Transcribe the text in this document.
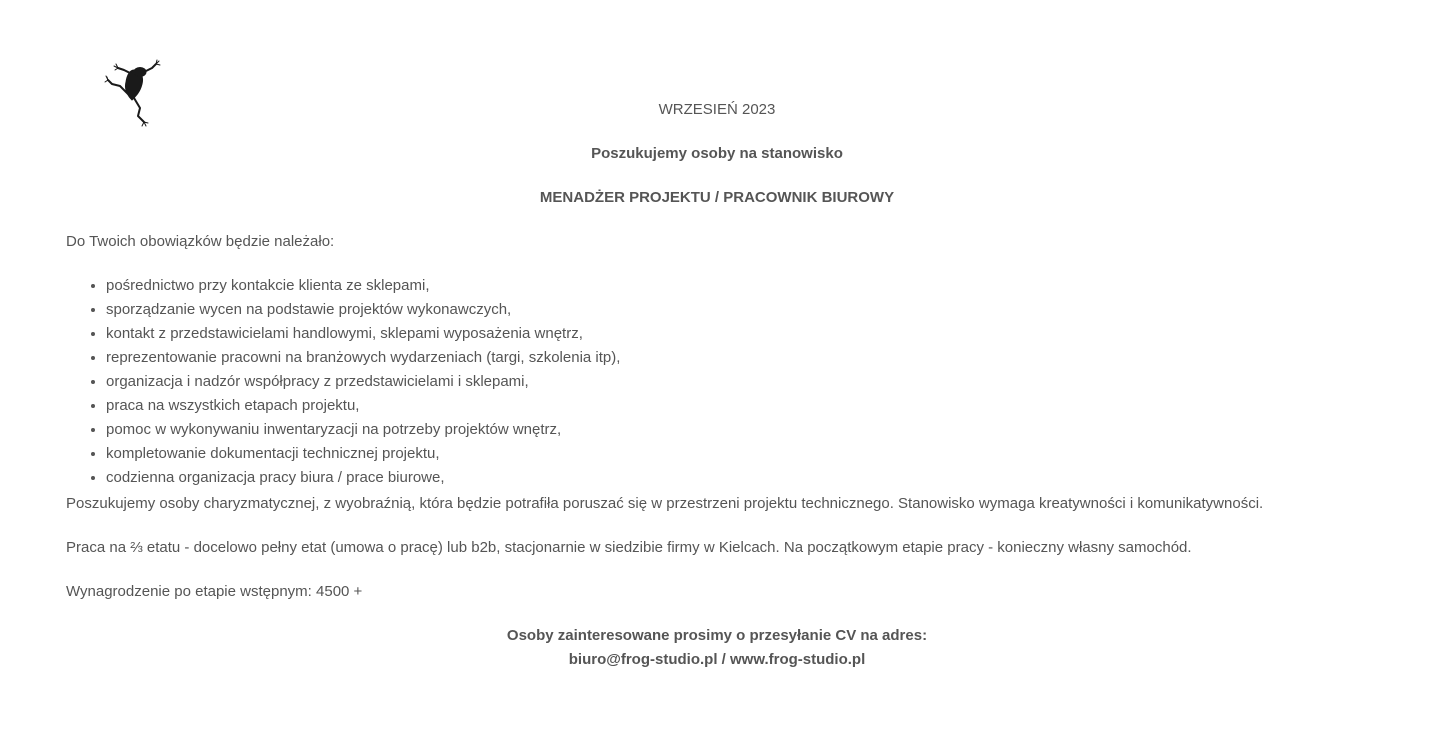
WRZESIEŃ 2023

Poszukujemy osoby na stanowisko

MENADŻER PROJEKTU / PRACOWNIK BIUROWY

Do Twoich obowiązków będzie należało:

• pośrednictwo przy kontakcie klienta ze sklepami,
• sporządzanie wycen na podstawie projektów wykonawczych,
• kontakt z przedstawicielami handlowymi, sklepami wyposażenia wnętrz,
• reprezentowanie pracowni na branżowych wydarzeniach (targi, szkolenia itp),
• organizacja i nadzór współpracy z przedstawicielami i sklepami,
• praca na wszystkich etapach projektu,
• pomoc w wykonywaniu inwentaryzacji na potrzeby projektów wnętrz,
• kompletowanie dokumentacji technicznej projektu,
• codzienna organizacja pracy biura / prace biurowe,

Poszukujemy osoby charyzmatycznej, z wyobraźnią, która będzie potrafiła poruszać się w przestrzeni projektu technicznego. Stanowisko wymaga kreatywności i komunikatywności.

Praca na ⅔ etatu - docelowo pełny etat (umowa o pracę) lub b2b, stacjonarnie w siedzibie firmy w Kielcach. Na początkowym etapie pracy - konieczny własny samochód.

Wynagrodzenie po etapie wstępnym: 4500 +

Osoby zainteresowane prosimy o przesyłanie CV na adres:
biuro@frog-studio.pl / www.frog-studio.pl
